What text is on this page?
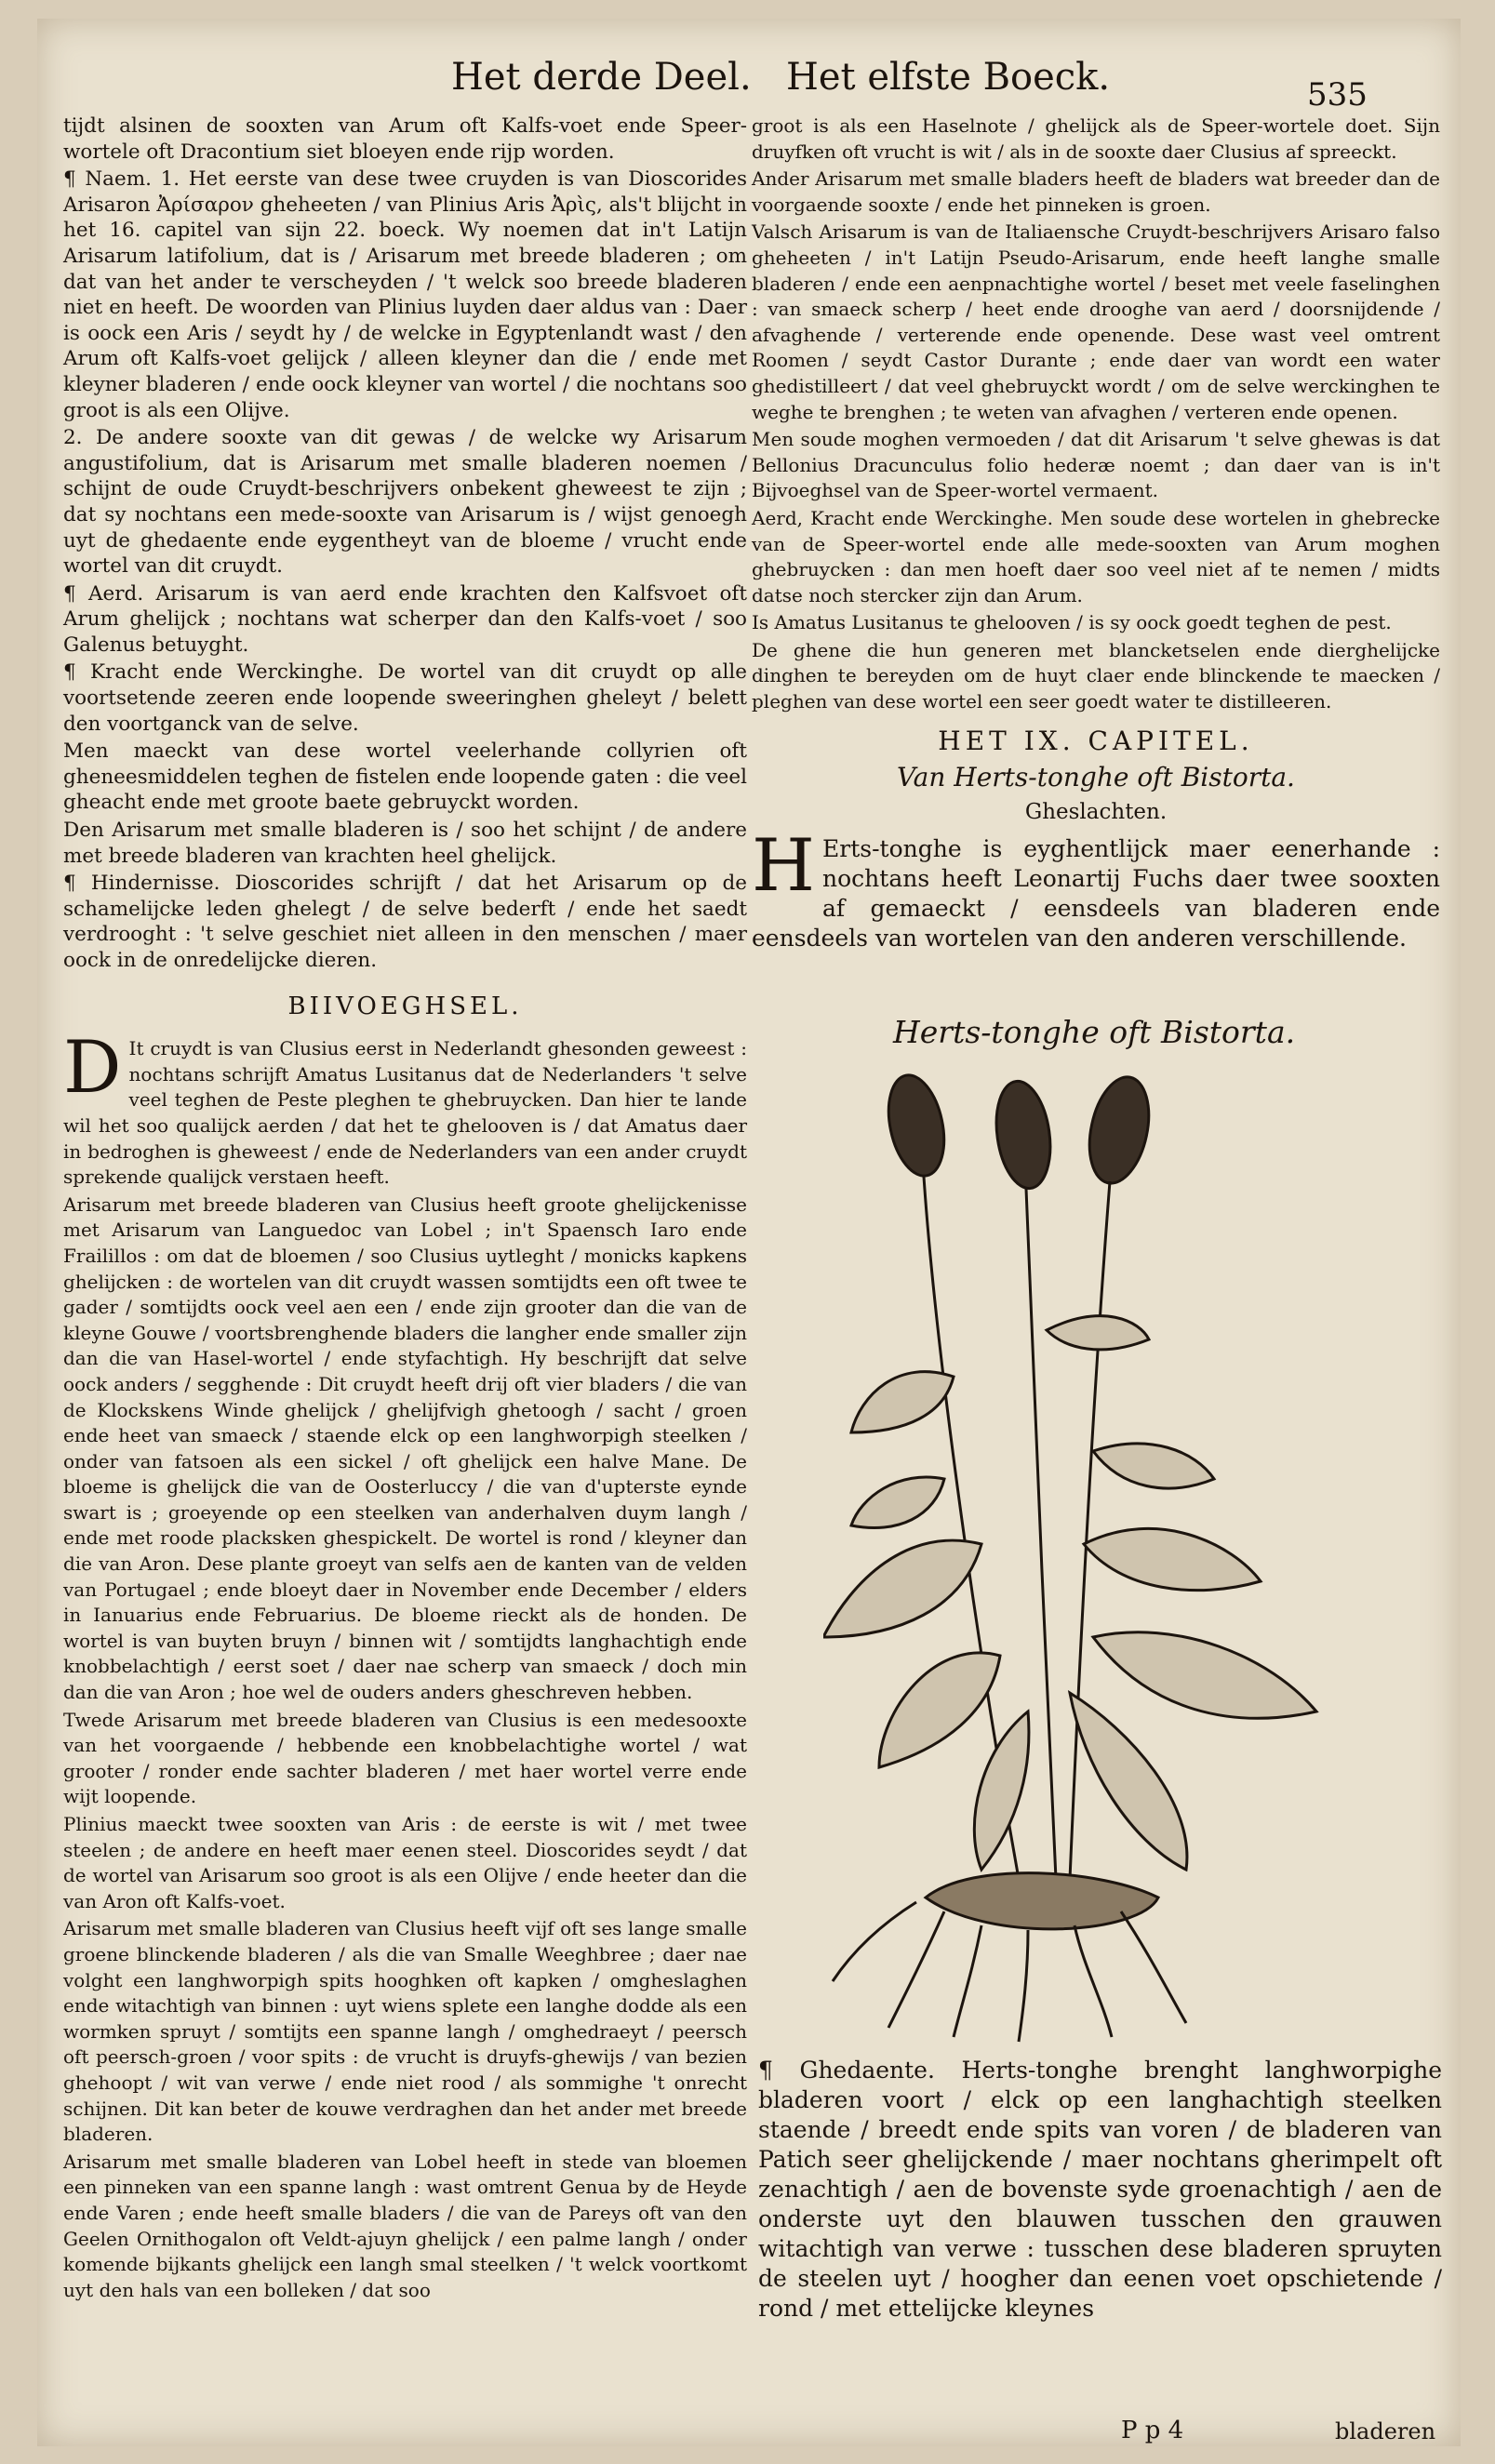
Het derde Deel. Het elfste Boeck.	535

tijdt alsinen de sooxten van Arum oft Kalfs-voet ende Speer-wortele oft Dracontium siet bloeyen ende rijp worden.

¶ Naem. 1. Het eerste van dese twee cruyden is van Dioscorides Arisaron Ἀρίσαρον gheheeten / van Plinius Aris Ἀρὶς, als't blijcht in het 16. capitel van sijn 22. boeck. Wy noemen dat in't Latijn Arisarum latifolium, dat is / Arisarum met breede bladeren ; om dat van het ander te verscheyden / 't welck soo breede bladeren niet en heeft. De woorden van Plinius luyden daer aldus van : Daer is oock een Aris / seydt hy / de welcke in Egyptenlandt wast / den Arum oft Kalfs-voet gelijck / alleen kleyner dan die / ende met kleyner bladeren / ende oock kleyner van wortel / die nochtans soo groot is als een Olijve.

2. De andere sooxte van dit gewas / de welcke wy Arisarum angustifolium, dat is Arisarum met smalle bladeren noemen / schijnt de oude Cruydt-beschrijvers onbekent gheweest te zijn ; dat sy nochtans een mede-sooxte van Arisarum is / wijst genoegh uyt de ghedaente ende eygentheyt van de bloeme / vrucht ende wortel van dit cruydt.

¶ Aerd. Arisarum is van aerd ende krachten den Kalfsvoet oft Arum ghelijck ; nochtans wat scherper dan den Kalfs-voet / soo Galenus betuyght.

¶ Kracht ende Werckinghe. De wortel van dit cruydt op alle voortsetende zeeren ende loopende sweeringhen gheleyt / belett den voortganck van de selve.

Men maeckt van dese wortel veelerhande collyrien oft gheneesmiddelen teghen de fistelen ende loopende gaten : die veel gheacht ende met groote baete gebruyckt worden.

Den Arisarum met smalle bladeren is / soo het schijnt / de andere met breede bladeren van krachten heel ghelijck.

¶ Hindernisse. Dioscorides schrijft / dat het Arisarum op de schamelijcke leden ghelegt / de selve bederft / ende het saedt verdrooght : 't selve geschiet niet alleen in den menschen / maer oock in de onredelijcke dieren.

BIIVOEGHSEL.

D It cruydt is van Clusius eerst in Nederlandt ghesonden geweest : nochtans schrijft Amatus Lusitanus dat de Nederlanders 't selve veel teghen de Peste pleghen te ghebruycken. Dan hier te lande wil het soo qualijck aerden / dat het te ghelooven is / dat Amatus daer in bedroghen is gheweest / ende de Nederlanders van een ander cruydt sprekende qualijck verstaen heeft.

Arisarum met breede bladeren van Clusius heeft groote ghelijckenisse met Arisarum van Languedoc van Lobel ; in't Spaensch Iaro ende Frailillos : om dat de bloemen / soo Clusius uytleght / monicks kapkens ghelijcken : de wortelen van dit cruydt wassen somtijdts een oft twee te gader / somtijdts oock veel aen een / ende zijn grooter dan die van de kleyne Gouwe / voortsbrenghende bladers die langher ende smaller zijn dan die van Hasel-wortel / ende styfachtigh. Hy beschrijft dat selve oock anders / segghende : Dit cruydt heeft drij oft vier bladers / die van de Klockskens Winde ghelijck / ghelijfvigh ghetoogh / sacht / groen ende heet van smaeck / staende elck op een langhworpigh steelken / onder van fatsoen als een sickel / oft ghelijck een halve Mane. De bloeme is ghelijck die van de Oosterluccy / die van d'upterste eynde swart is ; groeyende op een steelken van anderhalven duym langh / ende met roode placksken ghespickelt. De wortel is rond / kleyner dan die van Aron. Dese plante groeyt van selfs aen de kanten van de velden van Portugael ; ende bloeyt daer in November ende December / elders in Ianuarius ende Februarius. De bloeme rieckt als de honden. De wortel is van buyten bruyn / binnen wit / somtijdts langhachtigh ende knobbelachtigh / eerst soet / daer nae scherp van smaeck / doch min dan die van Aron ; hoe wel de ouders anders gheschreven hebben.

Twede Arisarum met breede bladeren van Clusius is een medesooxte van het voorgaende / hebbende een knobbelachtighe wortel / wat grooter / ronder ende sachter bladeren / met haer wortel verre ende wijt loopende.

Plinius maeckt twee sooxten van Aris : de eerste is wit / met twee steelen ; de andere en heeft maer eenen steel. Dioscorides seydt / dat de wortel van Arisarum soo groot is als een Olijve / ende heeter dan die van Aron oft Kalfs-voet.

Arisarum met smalle bladeren van Clusius heeft vijf oft ses lange smalle groene blinckende bladeren / als die van Smalle Weeghbree ; daer nae volght een langhworpigh spits hooghken oft kapken / omgheslaghen ende witachtigh van binnen : uyt wiens splete een langhe dodde als een wormken spruyt / somtijts een spanne langh / omghedraeyt / peersch oft peersch-groen / voor spits : de vrucht is druyfs-ghewijs / van bezien ghehoopt / wit van verwe / ende niet rood / als sommighe 't onrecht schijnen. Dit kan beter de kouwe verdraghen dan het ander met breede bladeren.

Arisarum met smalle bladeren van Lobel heeft in stede van bloemen een pinneken van een spanne langh : wast omtrent Genua by de Heyde ende Varen ; ende heeft smalle bladers / die van de Pareys oft van den Geelen Ornithogalon oft Veldt-ajuyn ghelijck / een palme langh / onder komende bijkants ghelijck een langh smal steelken / 't welck voortkomt uyt den hals van een bolleken / dat soo

groot is als een Haselnote / ghelijck als de Speer-wortele doet. Sijn druyfken oft vrucht is wit / als in de sooxte daer Clusius af spreeckt.

Ander Arisarum met smalle bladers heeft de bladers wat breeder dan de voorgaende sooxte / ende het pinneken is groen.

Valsch Arisarum is van de Italiaensche Cruydt-beschrijvers Arisaro falso gheheeten / in't Latijn Pseudo-Arisarum, ende heeft langhe smalle bladeren / ende een aenpnachtighe wortel / beset met veele faselinghen : van smaeck scherp / heet ende drooghe van aerd / doorsnijdende / afvaghende / verterende ende openende. Dese wast veel omtrent Roomen / seydt Castor Durante ; ende daer van wordt een water ghedistilleert / dat veel ghebruyckt wordt / om de selve werckinghen te weghe te brenghen ; te weten van afvaghen / verteren ende openen.

Men soude moghen vermoeden / dat dit Arisarum 't selve ghewas is dat Bellonius Dracunculus folio hederæ noemt ; dan daer van is in't Bijvoeghsel van de Speer-wortel vermaent.

Aerd, Kracht ende Werckinghe. Men soude dese wortelen in ghebrecke van de Speer-wortel ende alle mede-sooxten van Arum moghen ghebruycken : dan men hoeft daer soo veel niet af te nemen / midts datse noch stercker zijn dan Arum.

Is Amatus Lusitanus te ghelooven / is sy oock goedt teghen de pest.

De ghene die hun generen met blancketselen ende dierghelijcke dinghen te bereyden om de huyt claer ende blinckende te maecken / pleghen van dese wortel een seer goedt water te distilleeren.

HET IX. CAPITEL.
Van Herts-tonghe oft Bistorta.
Gheslachten.

H Erts-tonghe is eyghentlijck maer eenerhande : nochtans heeft Leonartij Fuchs daer twee sooxten af gemaeckt / eensdeels van bladeren ende eensdeels van wortelen van den anderen verschillende.

Herts-tonghe oft Bistorta.

¶ Ghedaente. Herts-tonghe brenght langhworpighe bladeren voort / elck op een langhachtigh steelken staende / breedt ende spits van voren / de bladeren van Patich seer ghelijckende / maer nochtans gherimpelt oft zenachtigh / aen de bovenste syde groenachtigh / aen de onderste uyt den blauwen tusschen den grauwen witachtigh van verwe : tusschen dese bladeren spruyten de steelen uyt / hoogher dan eenen voet opschietende / rond / met ettelijcke kleynes

P p 4	bladeren
